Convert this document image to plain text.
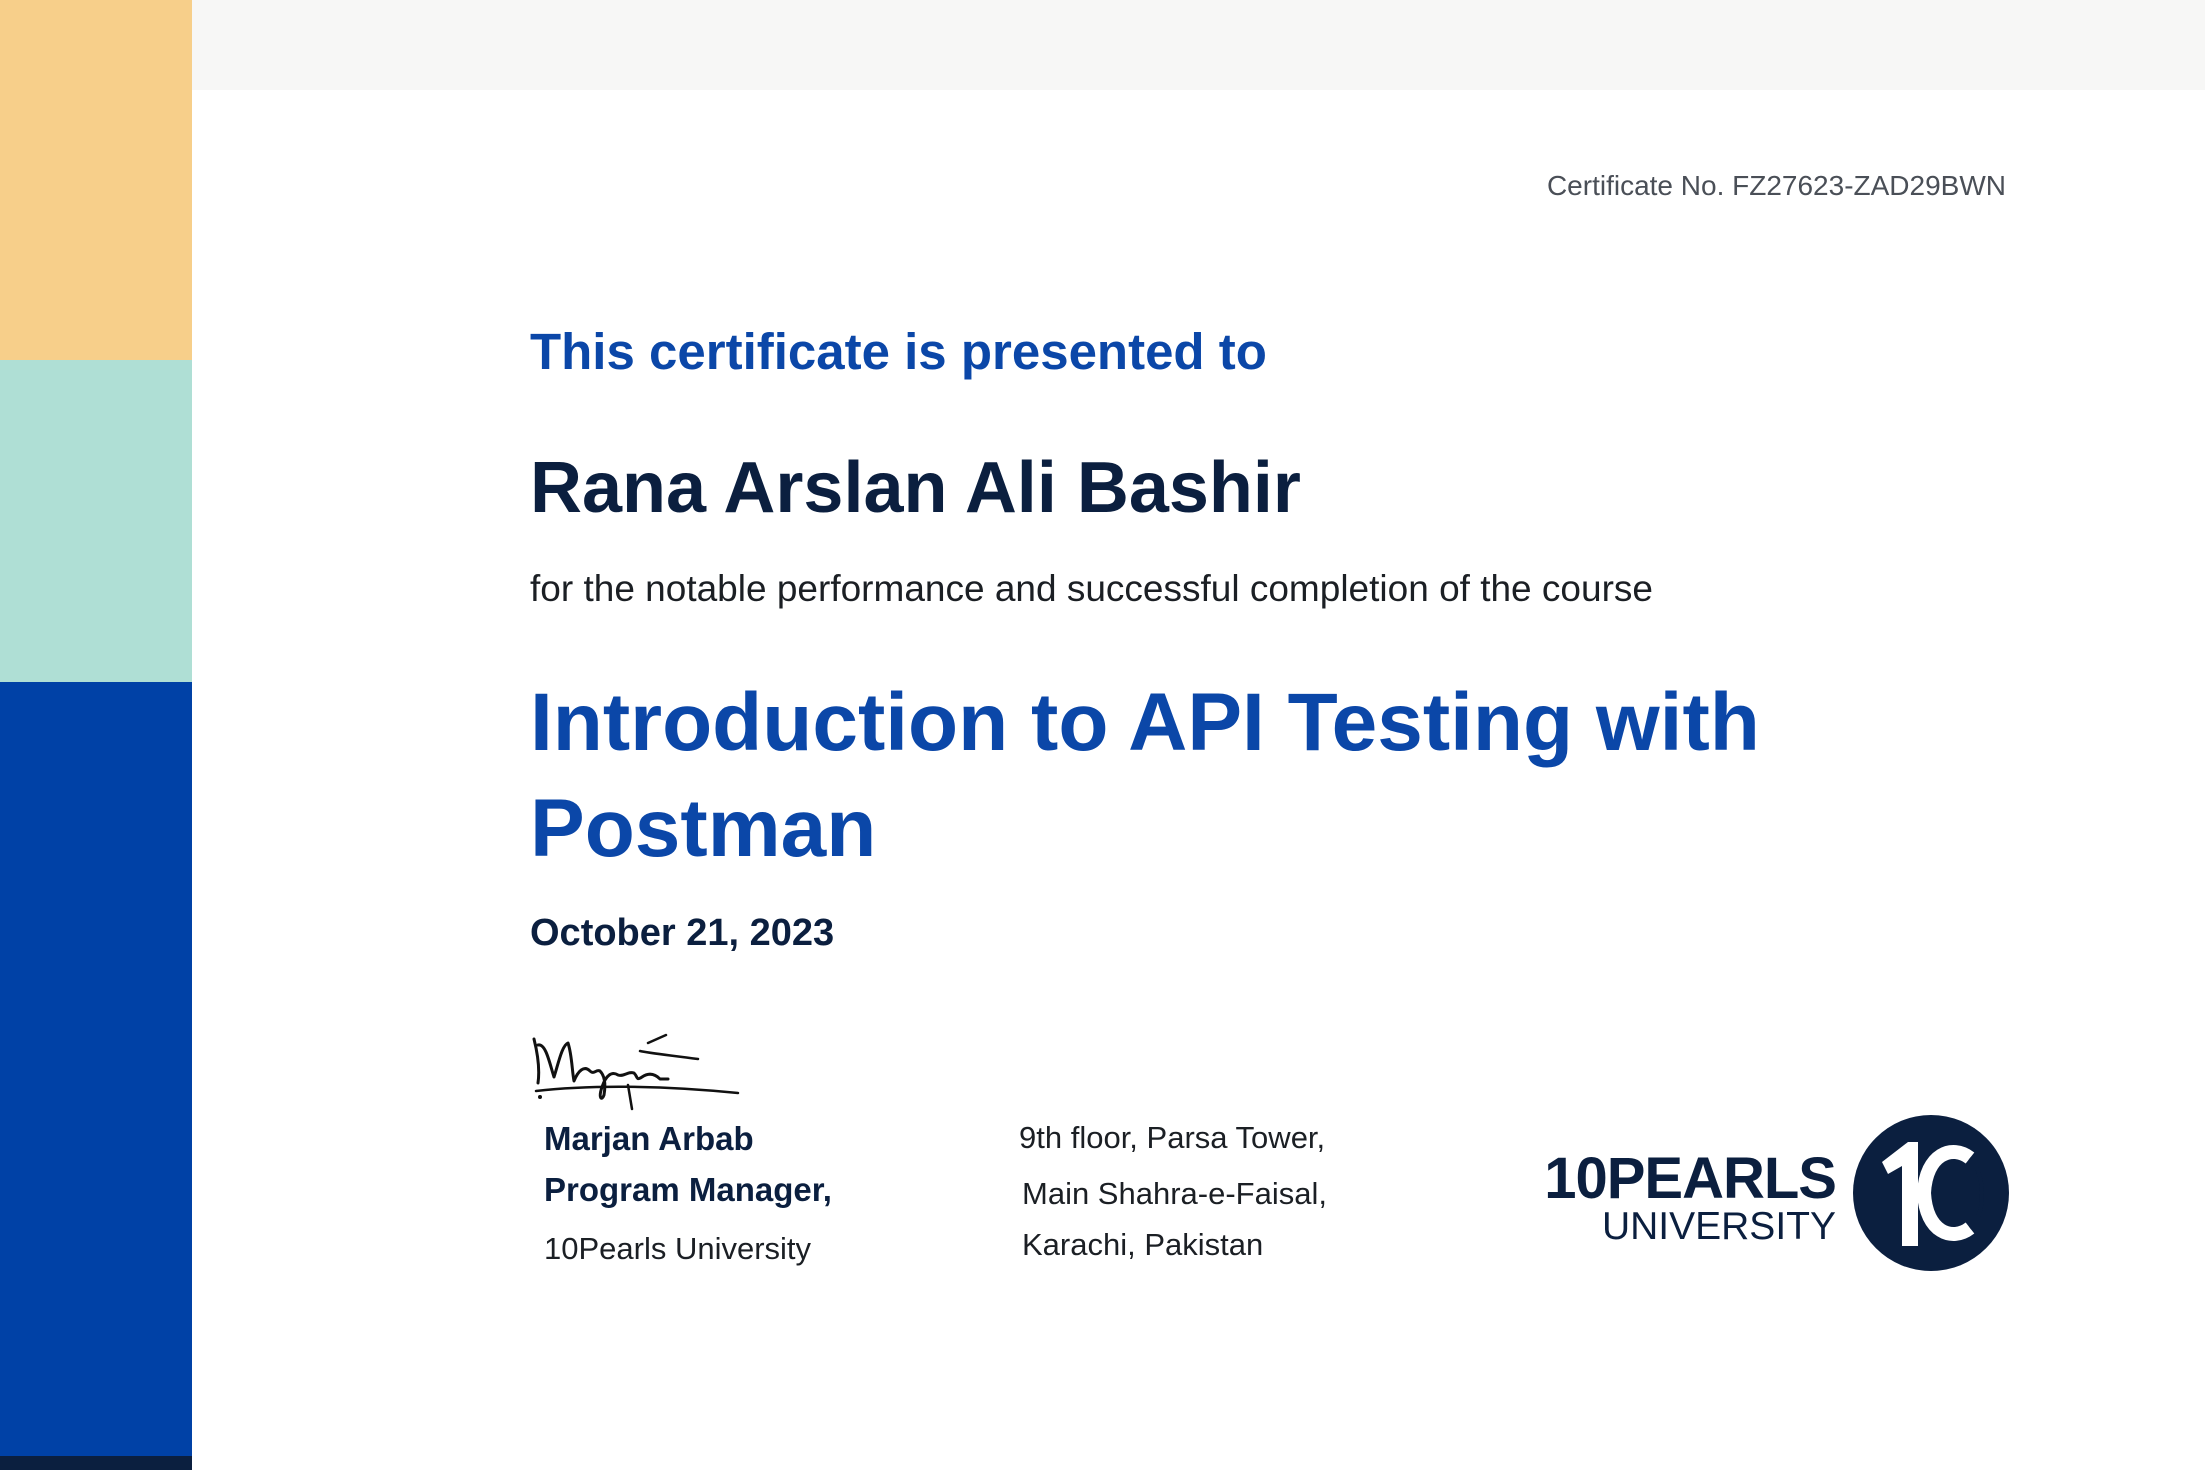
Certificate No. FZ27623-ZAD29BWN
This certificate is presented to
Rana Arslan Ali Bashir
for the notable performance and successful completion of the course
Introduction to API Testing with Postman
October 21, 2023
Marjan Arbab
Program Manager,
10Pearls University
9th floor, Parsa Tower,
Main Shahra-e-Faisal,
Karachi, Pakistan
10PEARLS
UNIVERSITY
